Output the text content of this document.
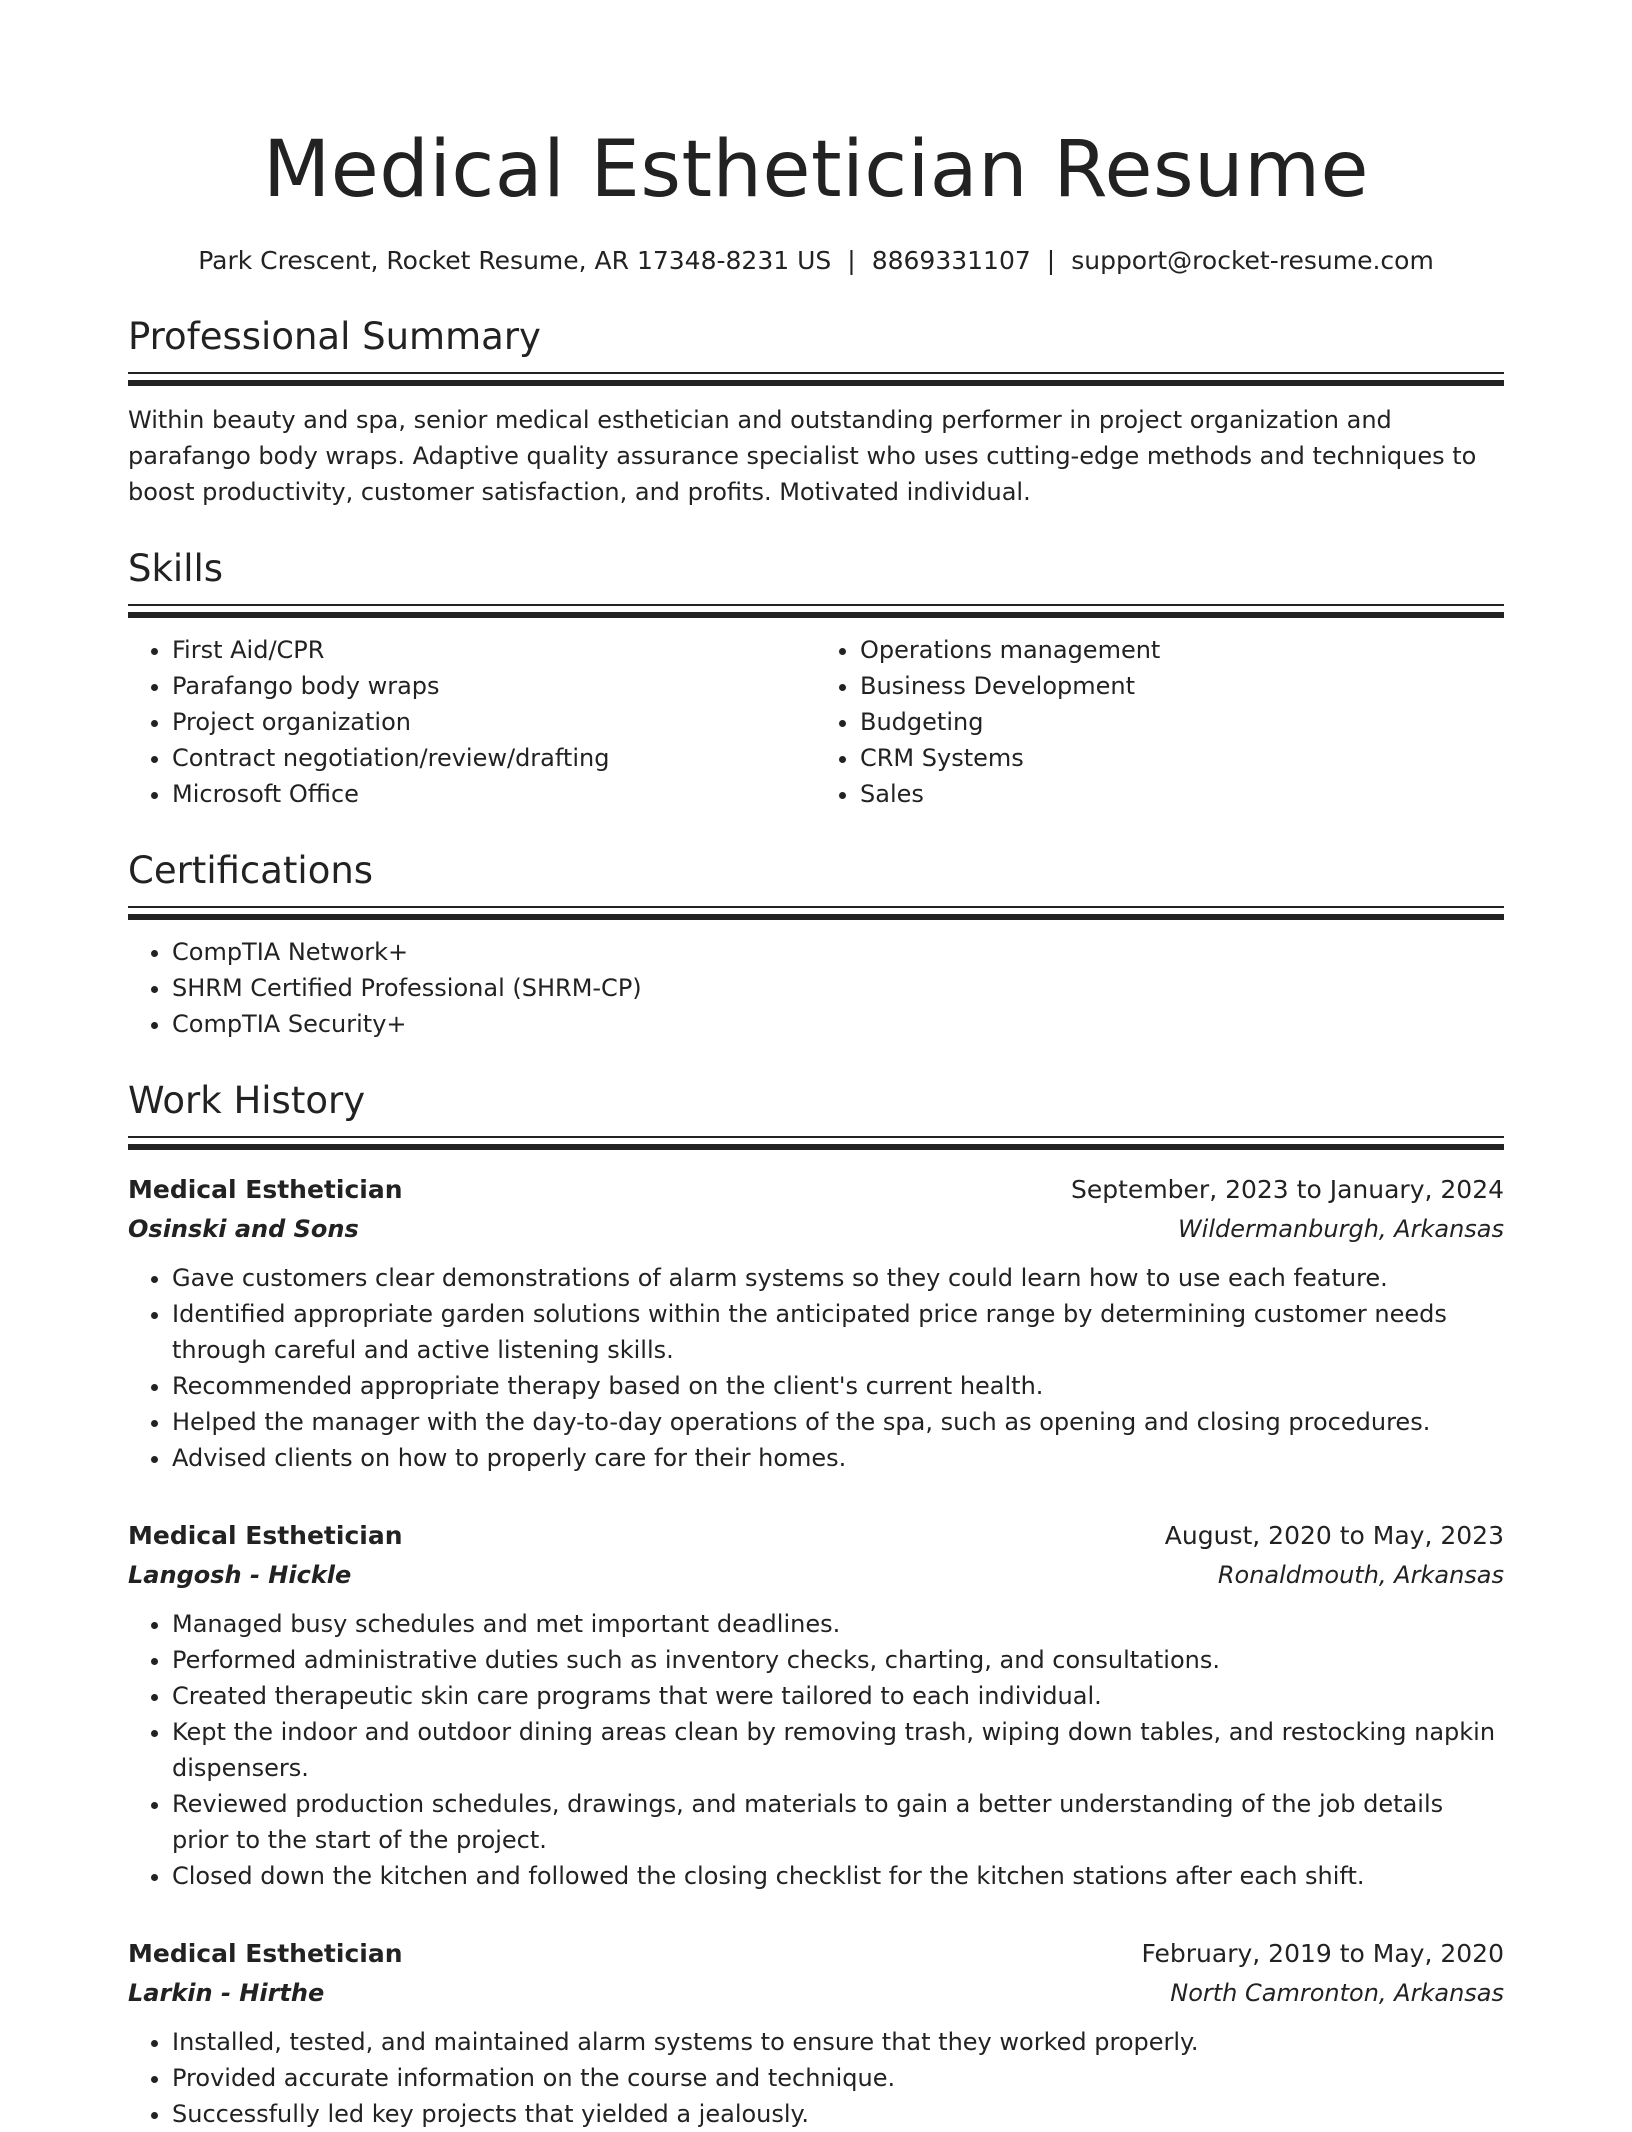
Medical Esthetician Resume
Park Crescent, Rocket Resume, AR 17348-8231 US | 8869331107 | support@rocket-resume.com
Professional Summary
Within beauty and spa, senior medical esthetician and outstanding performer in project organization and parafango body wraps. Adaptive quality assurance specialist who uses cutting-edge methods and techniques to boost productivity, customer satisfaction, and profits. Motivated individual.
Skills
• First Aid/CPR
• Parafango body wraps
• Project organization
• Contract negotiation/review/drafting
• Microsoft Office
• Operations management
• Business Development
• Budgeting
• CRM Systems
• Sales
Certifications
• CompTIA Network+
• SHRM Certified Professional (SHRM-CP)
• CompTIA Security+
Work History
Medical Esthetician	September, 2023 to January, 2024
Osinski and Sons	Wildermanburgh, Arkansas
• Gave customers clear demonstrations of alarm systems so they could learn how to use each feature.
• Identified appropriate garden solutions within the anticipated price range by determining customer needs through careful and active listening skills.
• Recommended appropriate therapy based on the client's current health.
• Helped the manager with the day-to-day operations of the spa, such as opening and closing procedures.
• Advised clients on how to properly care for their homes.
Medical Esthetician	August, 2020 to May, 2023
Langosh - Hickle	Ronaldmouth, Arkansas
• Managed busy schedules and met important deadlines.
• Performed administrative duties such as inventory checks, charting, and consultations.
• Created therapeutic skin care programs that were tailored to each individual.
• Kept the indoor and outdoor dining areas clean by removing trash, wiping down tables, and restocking napkin dispensers.
• Reviewed production schedules, drawings, and materials to gain a better understanding of the job details prior to the start of the project.
• Closed down the kitchen and followed the closing checklist for the kitchen stations after each shift.
Medical Esthetician	February, 2019 to May, 2020
Larkin - Hirthe	North Camronton, Arkansas
• Installed, tested, and maintained alarm systems to ensure that they worked properly.
• Provided accurate information on the course and technique.
• Successfully led key projects that yielded a jealously.
